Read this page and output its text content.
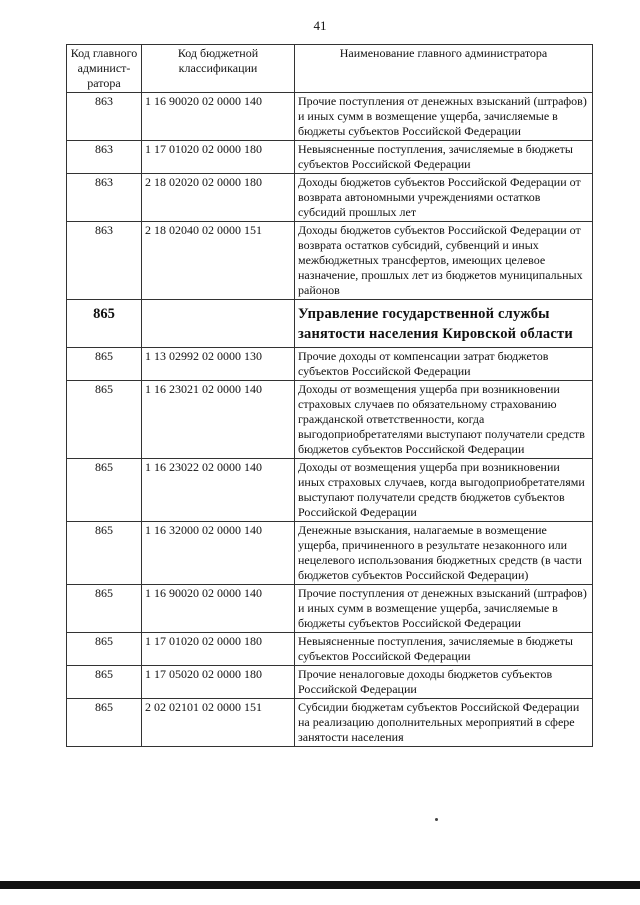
41
Код главного админист-ратора	Код бюджетной классификации	Наименование главного администратора
863	1 16 90020 02 0000 140	Прочие поступления от денежных взысканий (штрафов) и иных сумм в возмещение ущерба, зачисляемые в бюджеты субъектов Российской Федерации
863	1 17 01020 02 0000 180	Невыясненные поступления, зачисляемые в бюджеты субъектов Российской Федерации
863	2 18 02020 02 0000 180	Доходы бюджетов субъектов Российской Федерации от возврата автономными учреждениями остатков субсидий прошлых лет
863	2 18 02040 02 0000 151	Доходы бюджетов субъектов Российской Федерации от возврата остатков субсидий, субвенций и иных межбюджетных трансфертов, имеющих целевое назначение, прошлых лет из бюджетов муниципальных районов
865		Управление государственной службы занятости населения Кировской области
865	1 13 02992 02 0000 130	Прочие доходы от компенсации затрат бюджетов субъектов Российской Федерации
865	1 16 23021 02 0000 140	Доходы от возмещения ущерба при возникновении страховых случаев по обязательному страхованию гражданской ответственности, когда выгодоприобретателями выступают получатели средств бюджетов субъектов Российской Федерации
865	1 16 23022 02 0000 140	Доходы от возмещения ущерба при возникновении иных страховых случаев, когда выгодоприобретателями выступают получатели средств бюджетов субъектов Российской Федерации
865	1 16 32000 02 0000 140	Денежные взыскания, налагаемые в возмещение ущерба, причиненного в результате незаконного или нецелевого использования бюджетных средств (в части бюджетов субъектов Российской Федерации)
865	1 16 90020 02 0000 140	Прочие поступления от денежных взысканий (штрафов) и иных сумм в возмещение ущерба, зачисляемые в бюджеты субъектов Российской Федерации
865	1 17 01020 02 0000 180	Невыясненные поступления, зачисляемые в бюджеты субъектов Российской Федерации
865	1 17 05020 02 0000 180	Прочие неналоговые доходы бюджетов субъектов Российской Федерации
865	2 02 02101 02 0000 151	Субсидии бюджетам субъектов Российской Федерации на реализацию дополнительных мероприятий в сфере занятости населения
